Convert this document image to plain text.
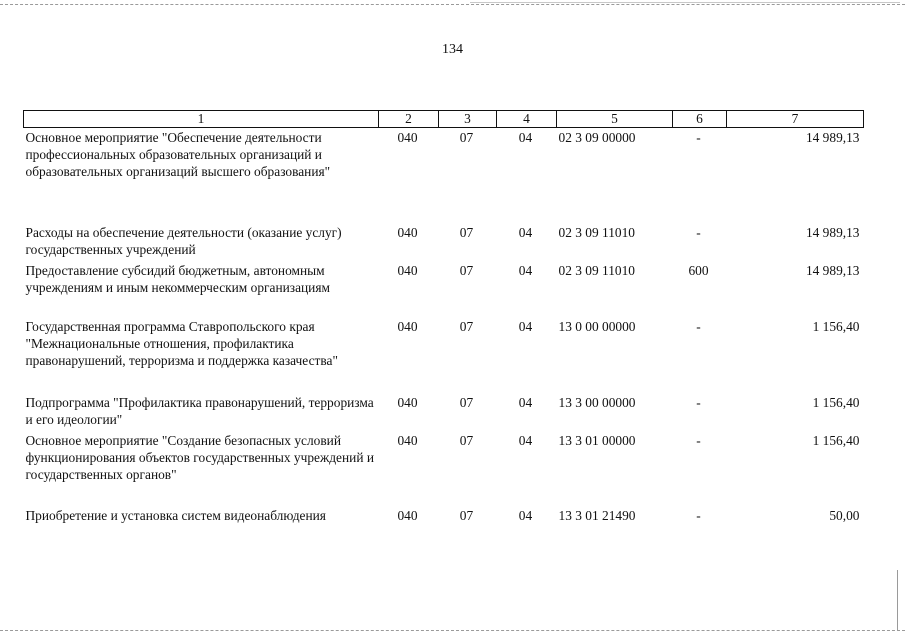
134
1	2	3	4	5	6	7
Основное мероприятие "Обеспечение деятельности профессиональных образовательных организаций и образовательных организаций высшего образования"	040	07	04	02 3 09 00000	-	14 989,13
Расходы на обеспечение деятельности (оказание услуг) государственных учреждений	040	07	04	02 3 09 11010	-	14 989,13
Предоставление субсидий бюджетным, автономным учреждениям и иным некоммерческим организациям	040	07	04	02 3 09 11010	600	14 989,13
Государственная программа Ставропольского края "Межнациональные отношения, профилактика правонарушений, терроризма и поддержка казачества"	040	07	04	13 0 00 00000	-	1 156,40
Подпрограмма "Профилактика правонарушений, терроризма и его идеологии"	040	07	04	13 3 00 00000	-	1 156,40
Основное мероприятие "Создание безопасных условий функционирования объектов государственных учреждений и государственных органов"	040	07	04	13 3 01 00000	-	1 156,40
Приобретение и установка систем видеонаблюдения	040	07	04	13 3 01 21490	-	50,00
